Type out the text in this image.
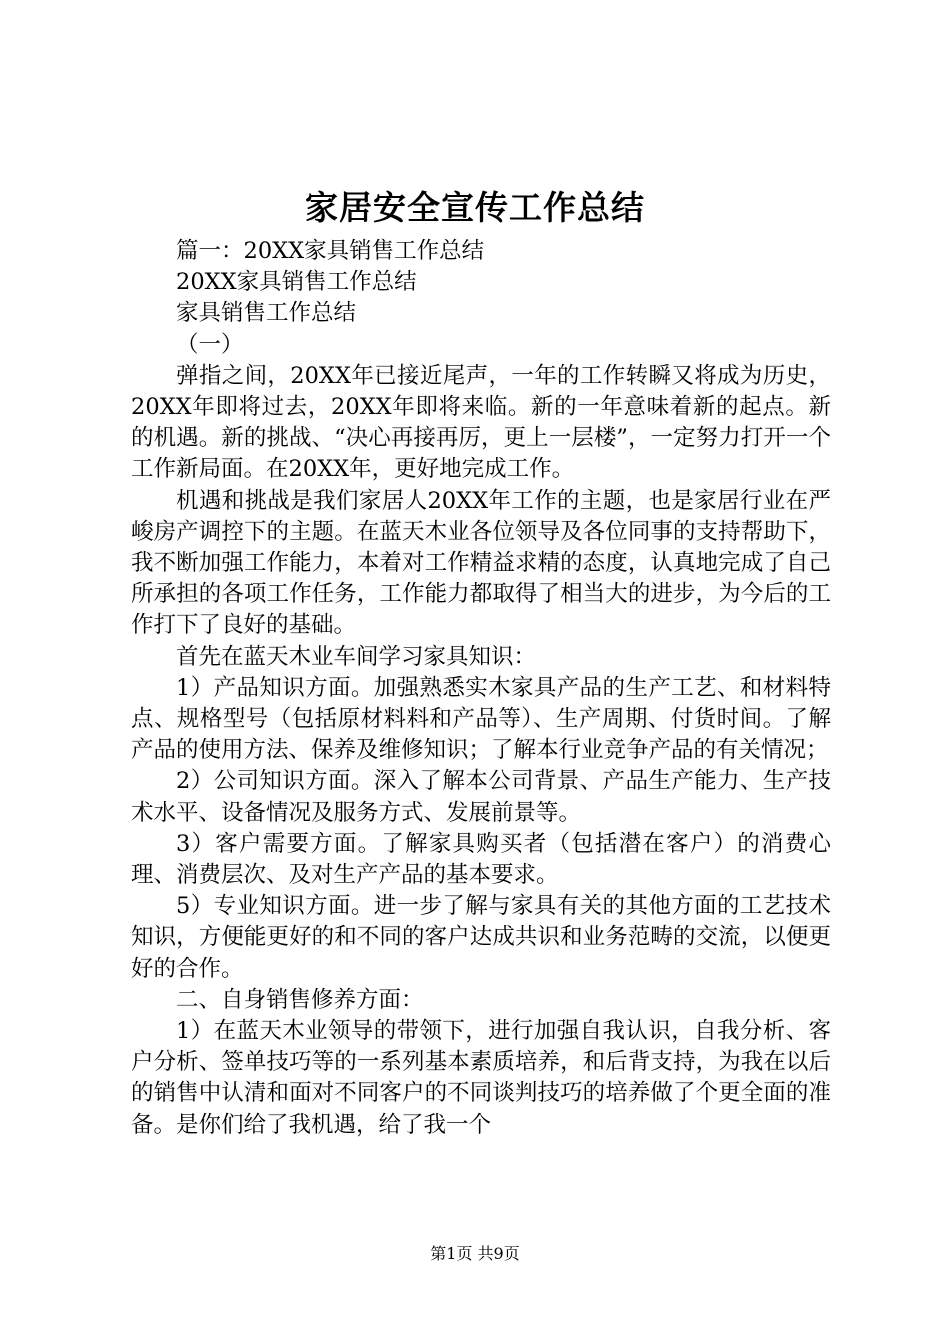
家居安全宣传工作总结

篇一：20XX家具销售工作总结

20XX家具销售工作总结

家具销售工作总结

（一）

弹指之间，20XX年已接近尾声，一年的工作转瞬又将成为历史，20XX年即将过去，20XX年即将来临。新的一年意味着新的起点。新的机遇。新的挑战、“决心再接再厉，更上一层楼”，一定努力打开一个工作新局面。在20XX年，更好地完成工作。

机遇和挑战是我们家居人20XX年工作的主题，也是家居行业在严峻房产调控下的主题。在蓝天木业各位领导及各位同事的支持帮助下，我不断加强工作能力，本着对工作精益求精的态度，认真地完成了自己所承担的各项工作任务，工作能力都取得了相当大的进步，为今后的工作打下了良好的基础。

首先在蓝天木业车间学习家具知识：

1）产品知识方面。加强熟悉实木家具产品的生产工艺、和材料特点、规格型号（包括原材料料和产品等）、生产周期、付货时间。了解产品的使用方法、保养及维修知识；了解本行业竞争产品的有关情况；

2）公司知识方面。深入了解本公司背景、产品生产能力、生产技术水平、设备情况及服务方式、发展前景等。

3）客户需要方面。了解家具购买者（包括潜在客户）的消费心理、消费层次、及对生产产品的基本要求。

5）专业知识方面。进一步了解与家具有关的其他方面的工艺技术知识，方便能更好的和不同的客户达成共识和业务范畴的交流，以便更好的合作。

二、自身销售修养方面：

1）在蓝天木业领导的带领下，进行加强自我认识，自我分析、客户分析、签单技巧等的一系列基本素质培养，和后背支持，为我在以后的销售中认清和面对不同客户的不同谈判技巧的培养做了个更全面的准备。是你们给了我机遇，给了我一个

第1页 共9页
